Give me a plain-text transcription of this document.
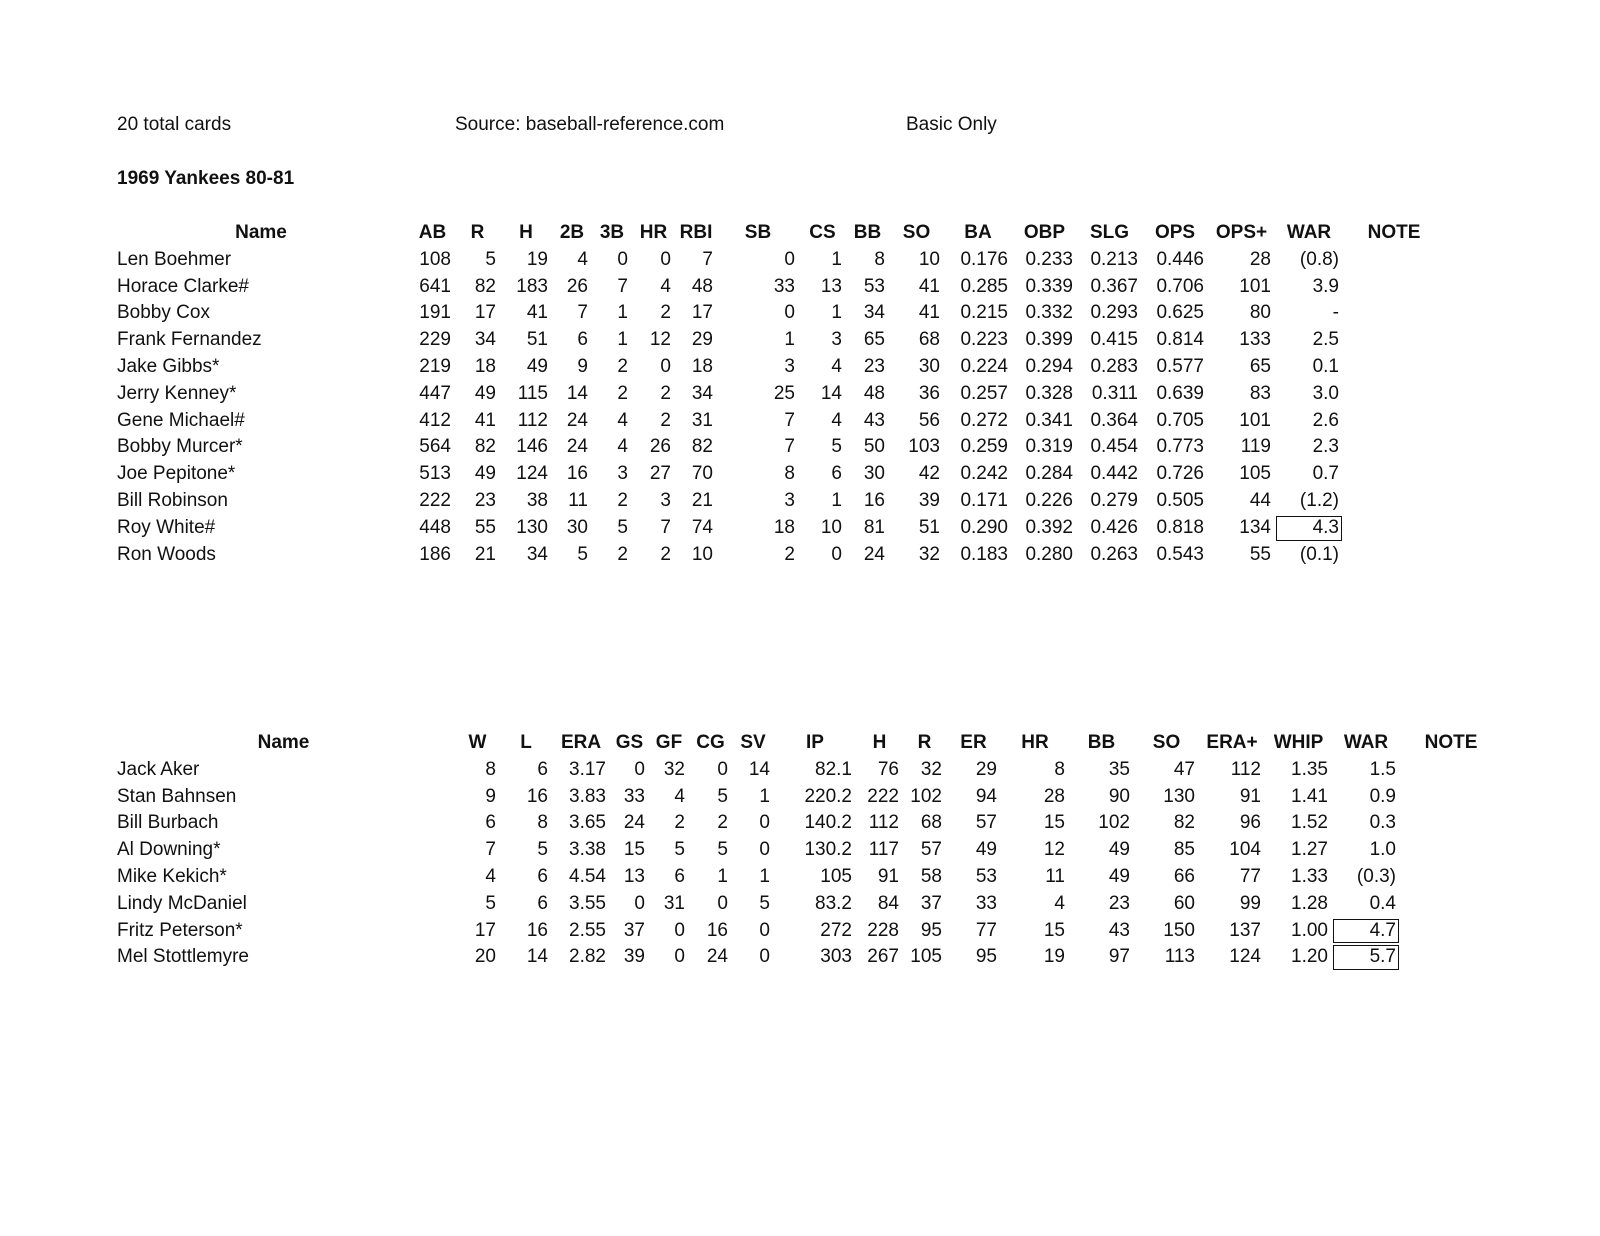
20 total cards	Source: baseball-reference.com	Basic Only
1969 Yankees 80-81
Name	AB	R	H	2B	3B	HR	RBI	SB	CS	BB	SO	BA	OBP	SLG	OPS	OPS+	WAR	NOTE
Len Boehmer	108	5	19	4	0	0	7	0	1	8	10	0.176	0.233	0.213	0.446	28	(0.8)	
Horace Clarke#	641	82	183	26	7	4	48	33	13	53	41	0.285	0.339	0.367	0.706	101	3.9	
Bobby Cox	191	17	41	7	1	2	17	0	1	34	41	0.215	0.332	0.293	0.625	80	-	
Frank Fernandez	229	34	51	6	1	12	29	1	3	65	68	0.223	0.399	0.415	0.814	133	2.5	
Jake Gibbs*	219	18	49	9	2	0	18	3	4	23	30	0.224	0.294	0.283	0.577	65	0.1	
Jerry Kenney*	447	49	115	14	2	2	34	25	14	48	36	0.257	0.328	0.311	0.639	83	3.0	
Gene Michael#	412	41	112	24	4	2	31	7	4	43	56	0.272	0.341	0.364	0.705	101	2.6	
Bobby Murcer*	564	82	146	24	4	26	82	7	5	50	103	0.259	0.319	0.454	0.773	119	2.3	
Joe Pepitone*	513	49	124	16	3	27	70	8	6	30	42	0.242	0.284	0.442	0.726	105	0.7	
Bill Robinson	222	23	38	11	2	3	21	3	1	16	39	0.171	0.226	0.279	0.505	44	(1.2)	
Roy White#	448	55	130	30	5	7	74	18	10	81	51	0.290	0.392	0.426	0.818	134	4.3	
Ron Woods	186	21	34	5	2	2	10	2	0	24	32	0.183	0.280	0.263	0.543	55	(0.1)	
Name	W	L	ERA	GS	GF	CG	SV	IP	H	R	ER	HR	BB	SO	ERA+	WHIP	WAR	NOTE
Jack Aker	8	6	3.17	0	32	0	14	82.1	76	32	29	8	35	47	112	1.35	1.5	
Stan Bahnsen	9	16	3.83	33	4	5	1	220.2	222	102	94	28	90	130	91	1.41	0.9	
Bill Burbach	6	8	3.65	24	2	2	0	140.2	112	68	57	15	102	82	96	1.52	0.3	
Al Downing*	7	5	3.38	15	5	5	0	130.2	117	57	49	12	49	85	104	1.27	1.0	
Mike Kekich*	4	6	4.54	13	6	1	1	105	91	58	53	11	49	66	77	1.33	(0.3)	
Lindy McDaniel	5	6	3.55	0	31	0	5	83.2	84	37	33	4	23	60	99	1.28	0.4	
Fritz Peterson*	17	16	2.55	37	0	16	0	272	228	95	77	15	43	150	137	1.00	4.7	
Mel Stottlemyre	20	14	2.82	39	0	24	0	303	267	105	95	19	97	113	124	1.20	5.7	
